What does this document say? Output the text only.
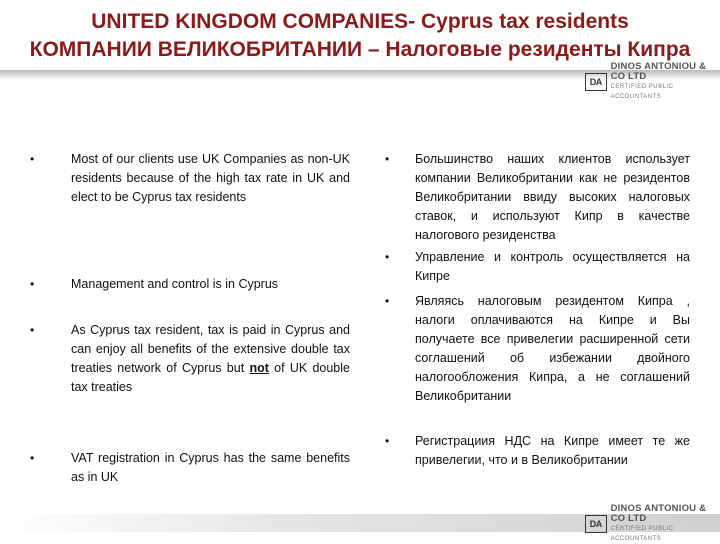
UNITED KINGDOM COMPANIES- Cyprus tax residents
КОМПАНИИ ВЕЛИКОБРИТАНИИ – Налоговые резиденты Кипра
DA
DINOS ANTONIOU & CO LTD
CERTIFIED PUBLIC ACCOUNTANTS
•	Most of our clients use UK Companies as non-UK residents because of the high tax rate in UK and elect to be Cyprus tax residents
•	Management and control is in Cyprus
•	As Cyprus tax resident, tax is paid in Cyprus and can enjoy all benefits of the extensive double tax treaties network of Cyprus but not of UK double tax treaties
•	VAT registration in Cyprus has the same benefits as in UK
• Большинство наших клиентов использует компании Великобритании как не резидентов Великобритании ввиду высоких налоговых ставок, и используют Кипр в качестве налогового резиденства
• Управление и контроль осуществляется на Кипре
• Являясь налоговым резидентом Кипра , налоги оплачиваются на Кипре и Вы получаете все привелегии расширенной сети соглашений об избежании двойного налогообложения Кипра, а не соглашений Великобритании
• Регистрациия НДС на Кипре имеет те же привелегии, что и в Великобритании
DA
DINOS ANTONIOU & CO LTD
CERTIFIED PUBLIC ACCOUNTANTS
